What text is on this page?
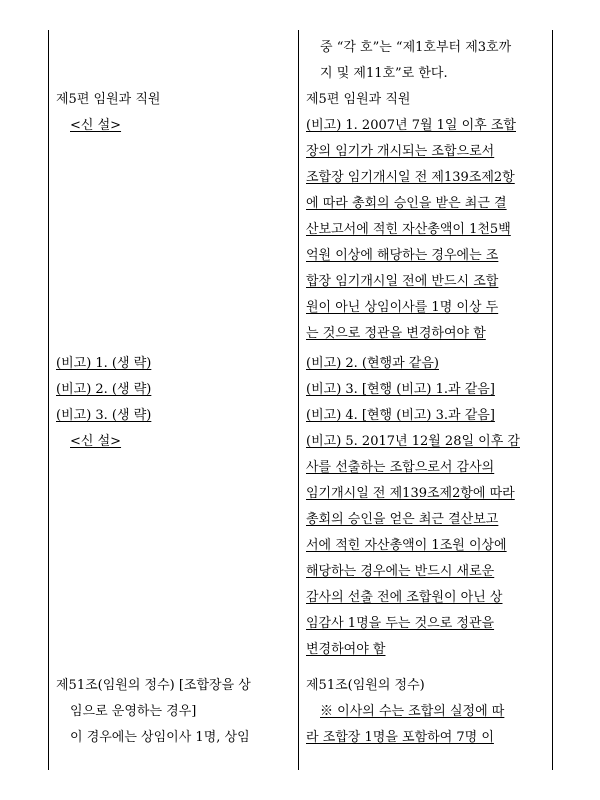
제5편 임원과 직원
<신 설>
(비고) 1. (생 략)
(비고) 2. (생 략)
(비고) 3. (생 략)
<신 설>
제51조(임원의 정수) [조합장을 상
임으로 운영하는 경우]
이 경우에는 상임이사 1명, 상임
중 “각 호”는 “제1호부터 제3호까
지 및 제11호”로 한다.
제5편 임원과 직원
(비고) 1. 2007년 7월 1일 이후 조합
장의 임기가 개시되는 조합으로서
조합장 임기개시일 전 제139조제2항
에 따라 총회의 승인을 받은 최근 결
산보고서에 적힌 자산총액이 1천5백
억원 이상에 해당하는 경우에는 조
합장 임기개시일 전에 반드시 조합
원이 아닌 상임이사를 1명 이상 두
는 것으로 정관을 변경하여야 함
(비고) 2. (현행과 같음)
(비고) 3. [현행 (비고) 1.과 같음]
(비고) 4. [현행 (비고) 3.과 같음]
(비고) 5. 2017년 12월 28일 이후 감
사를 선출하는 조합으로서 감사의
임기개시일 전 제139조제2항에 따라
총회의 승인을 얻은 최근 결산보고
서에 적힌 자산총액이 1조원 이상에
해당하는 경우에는 반드시 새로운
감사의 선출 전에 조합원이 아닌 상
임감사 1명을 두는 것으로 정관을
변경하여야 함
제51조(임원의 정수)
※ 이사의 수는 조합의 실정에 따
라 조합장 1명을 포함하여 7명 이
